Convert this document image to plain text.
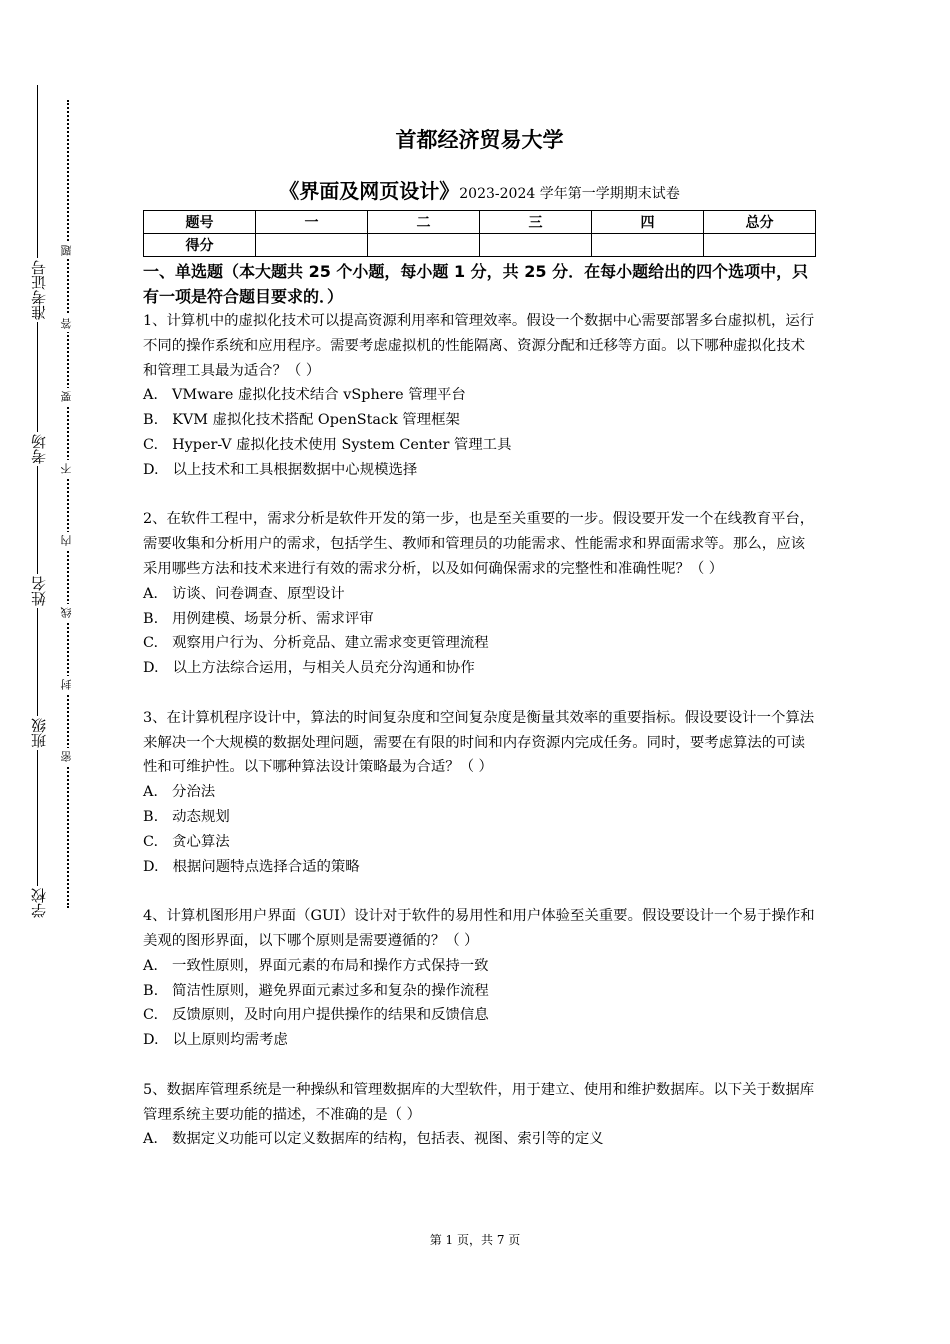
准考证号
考场
姓名
班级
学校
题
答
要
不
内
线
封
密
首都经济贸易大学
《界面及网页设计》2023-2024 学年第一学期期末试卷
题号	一	二	三	四	总分
得分					
一、单选题（本大题共 25 个小题，每小题 1 分，共 25 分．在每小题给出的四个选项中，只有一项是符合题目要求的．）

1、计算机中的虚拟化技术可以提高资源利用率和管理效率。假设一个数据中心需要部署多台虚拟机，运行不同的操作系统和应用程序。需要考虑虚拟机的性能隔离、资源分配和迁移等方面。以下哪种虚拟化技术和管理工具最为适合？（ ）

A. VMware 虚拟化技术结合 vSphere 管理平台

B. KVM 虚拟化技术搭配 OpenStack 管理框架

C. Hyper-V 虚拟化技术使用 System Center 管理工具

D. 以上技术和工具根据数据中心规模选择

2、在软件工程中，需求分析是软件开发的第一步，也是至关重要的一步。假设要开发一个在线教育平台，需要收集和分析用户的需求，包括学生、教师和管理员的功能需求、性能需求和界面需求等。那么，应该采用哪些方法和技术来进行有效的需求分析，以及如何确保需求的完整性和准确性呢？（ ）

A. 访谈、问卷调查、原型设计

B. 用例建模、场景分析、需求评审

C. 观察用户行为、分析竞品、建立需求变更管理流程

D. 以上方法综合运用，与相关人员充分沟通和协作

3、在计算机程序设计中，算法的时间复杂度和空间复杂度是衡量其效率的重要指标。假设要设计一个算法来解决一个大规模的数据处理问题，需要在有限的时间和内存资源内完成任务。同时，要考虑算法的可读性和可维护性。以下哪种算法设计策略最为合适？（ ）

A. 分治法

B. 动态规划

C. 贪心算法

D. 根据问题特点选择合适的策略

4、计算机图形用户界面（GUI）设计对于软件的易用性和用户体验至关重要。假设要设计一个易于操作和美观的图形界面，以下哪个原则是需要遵循的？（ ）

A. 一致性原则，界面元素的布局和操作方式保持一致

B. 简洁性原则，避免界面元素过多和复杂的操作流程

C. 反馈原则，及时向用户提供操作的结果和反馈信息

D. 以上原则均需考虑

5、数据库管理系统是一种操纵和管理数据库的大型软件，用于建立、使用和维护数据库。以下关于数据库管理系统主要功能的描述，不准确的是（ ）

A. 数据定义功能可以定义数据库的结构，包括表、视图、索引等的定义

第 1 页，共 7 页
